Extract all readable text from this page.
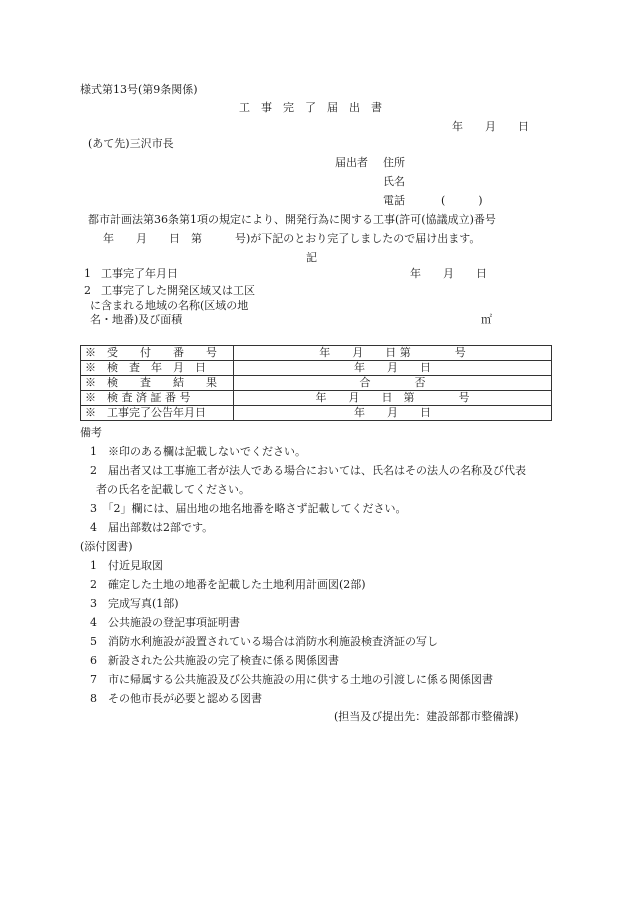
様式第13号(第9条関係)
工　事　完　了　届　出　書
年　　月　　日
(あて先)三沢市長
届出者 住所
氏名
電話	(　　　)
都市計画法第36条第1項の規定により、開発行為に関する工事(許可(協議成立)番号
年　　月　　日　第　　　号)が下記のとおり完了しましたので届け出ます。
記
1 工事完了年月日	年　　月　　日
2 工事完了した開発区域又は工区
に含まれる地域の名称(区域の地
名・地番)及び面積	㎡
※　受　　付　　番　　号	年　　月　　日 第　　　　号
※　検　査　年　月　日	年　　月　　日
※　検　　査　　結　　果	合　　　　否
※　検 査 済 証 番 号	年　　月　　日　第　　　　号
※　工事完了公告年月日	年　　月　　日
備考
1　※印のある欄は記載しないでください。
2　届出者又は工事施工者が法人である場合においては、氏名はその法人の名称及び代表
者の氏名を記載してください。
3　「2」欄には、届出地の地名地番を略さず記載してください。
4　届出部数は2部です。
(添付図書)
1　付近見取図
2　確定した土地の地番を記載した土地利用計画図(2部)
3　完成写真(1部)
4　公共施設の登記事項証明書
5　消防水利施設が設置されている場合は消防水利施設検査済証の写し
6　新設された公共施設の完了検査に係る関係図書
7　市に帰属する公共施設及び公共施設の用に供する土地の引渡しに係る関係図書
8　その他市長が必要と認める図書
(担当及び提出先：建設部都市整備課)
